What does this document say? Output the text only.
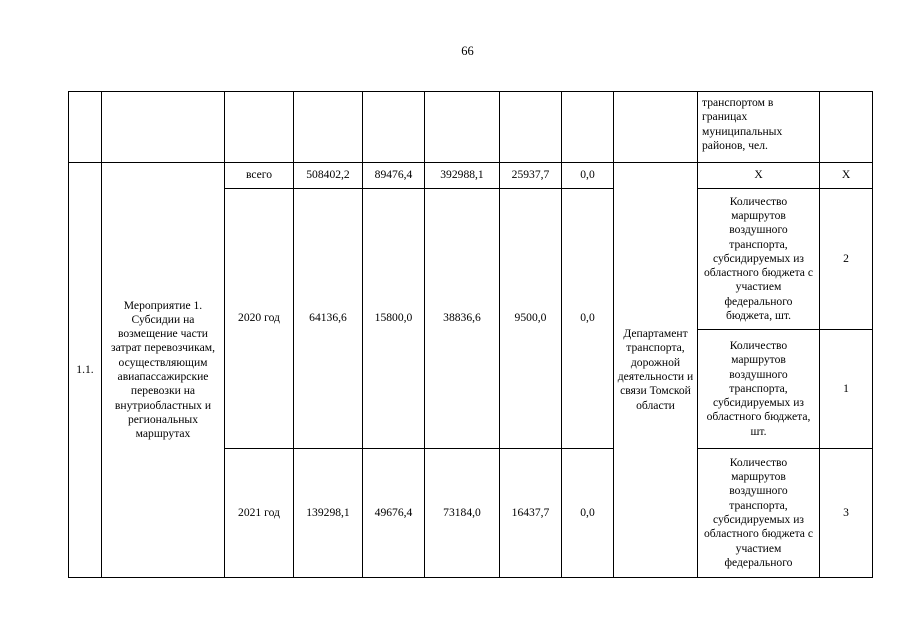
66
									транспортом в границах муниципальных районов, чел.	
1.1.	Мероприятие 1. Субсидии на возмещение части затрат перевозчикам, осуществляющим авиапассажирские перевозки на внутриобластных и региональных маршрутах	всего	508402,2	89476,4	392988,1	25937,7	0,0	Департамент транспорта, дорожной деятельности и связи Томской области	Х	Х
		2020 год	64136,6	15800,0	38836,6	9500,0	0,0		Количество маршрутов воздушного транспорта, субсидируемых из областного бюджета с участием федерального бюджета, шт.	2
									Количество маршрутов воздушного транспорта, субсидируемых из областного бюджета, шт.	1
		2021 год	139298,1	49676,4	73184,0	16437,7	0,0		Количество маршрутов воздушного транспорта, субсидируемых из областного бюджета с участием федерального	3
